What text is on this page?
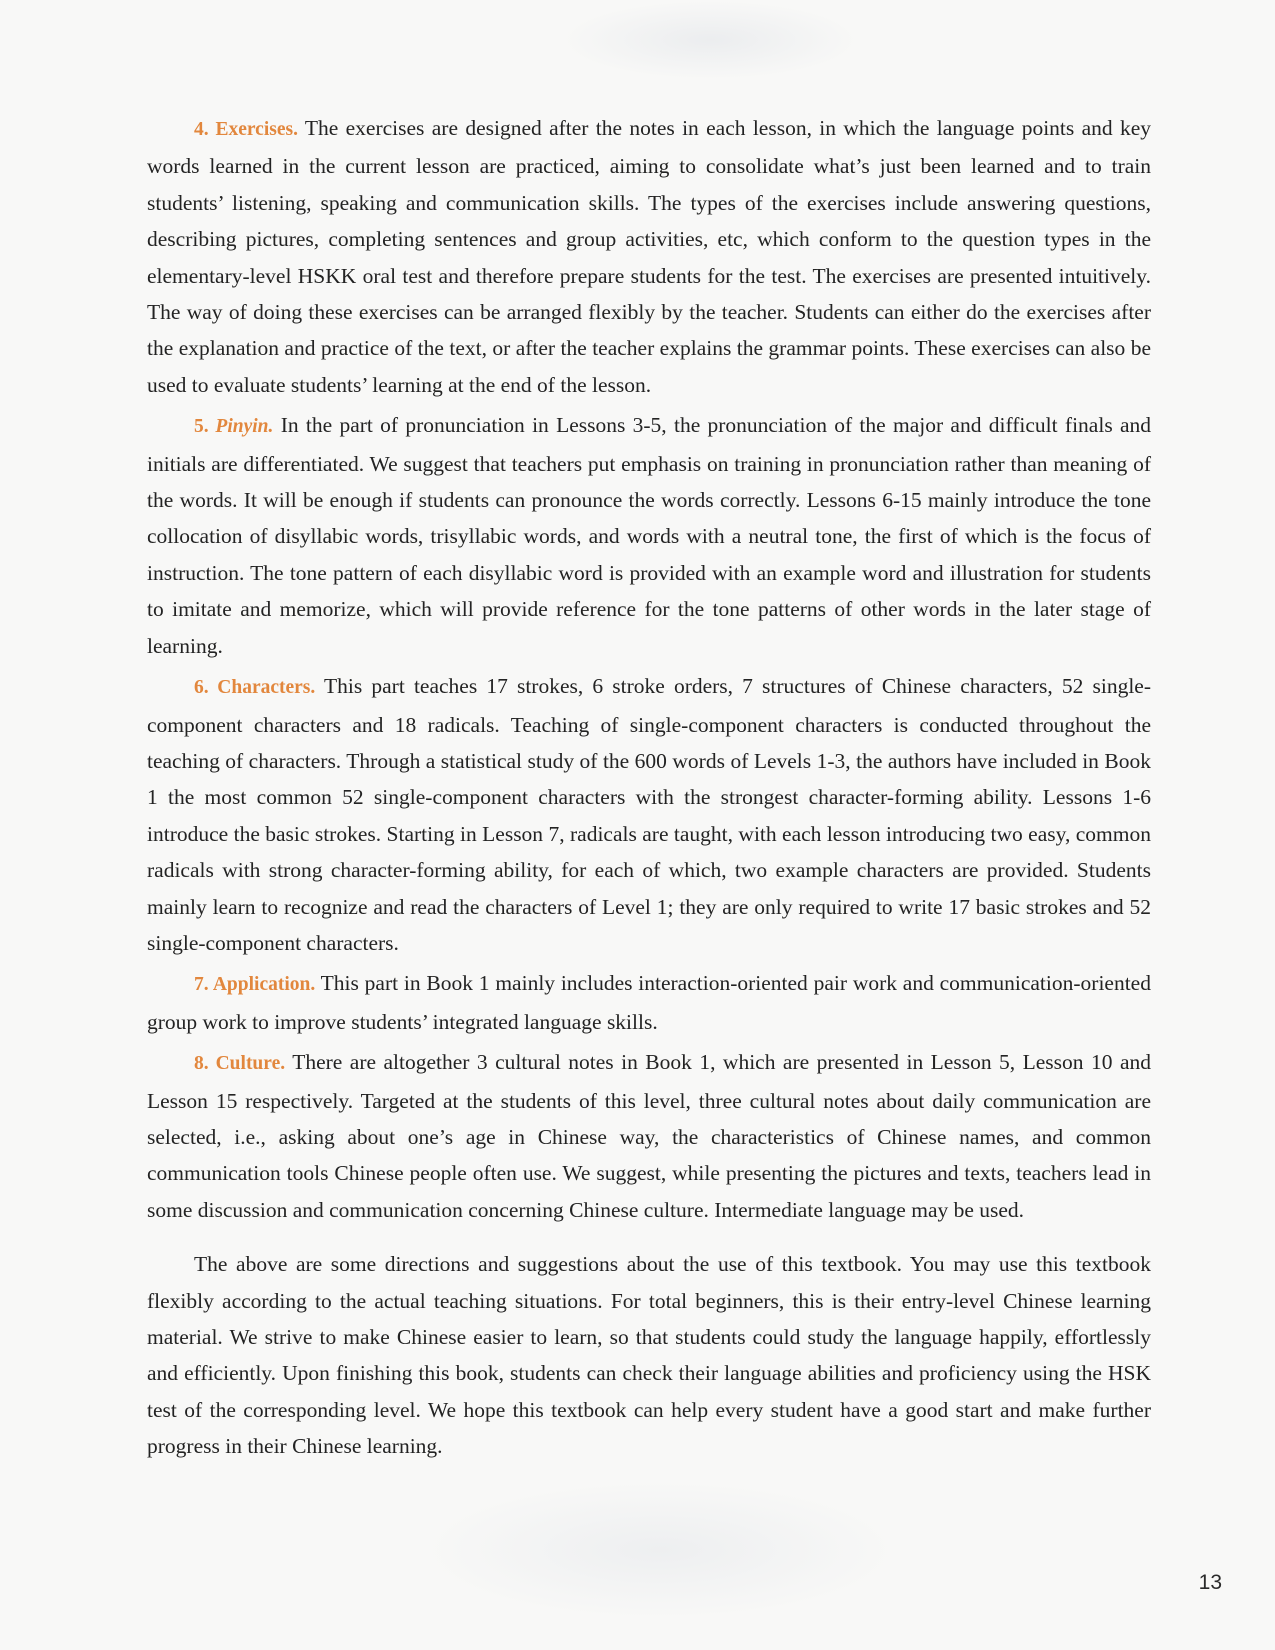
4. Exercises. The exercises are designed after the notes in each lesson, in which the language points and key words learned in the current lesson are practiced, aiming to consolidate what’s just been learned and to train students’ listening, speaking and communication skills. The types of the exercises include answering questions, describing pictures, completing sentences and group activities, etc, which conform to the question types in the elementary-level HSKK oral test and therefore prepare students for the test. The exercises are presented intuitively. The way of doing these exercises can be arranged flexibly by the teacher. Students can either do the exercises after the explanation and practice of the text, or after the teacher explains the grammar points. These exercises can also be used to evaluate students’ learning at the end of the lesson.

5. Pinyin. In the part of pronunciation in Lessons 3-5, the pronunciation of the major and difficult finals and initials are differentiated. We suggest that teachers put emphasis on training in pronunciation rather than meaning of the words. It will be enough if students can pronounce the words correctly. Lessons 6-15 mainly introduce the tone collocation of disyllabic words, trisyllabic words, and words with a neutral tone, the first of which is the focus of instruction. The tone pattern of each disyllabic word is provided with an example word and illustration for students to imitate and memorize, which will provide reference for the tone patterns of other words in the later stage of learning.

6. Characters. This part teaches 17 strokes, 6 stroke orders, 7 structures of Chinese characters, 52 single-component characters and 18 radicals. Teaching of single-component characters is conducted throughout the teaching of characters. Through a statistical study of the 600 words of Levels 1-3, the authors have included in Book 1 the most common 52 single-component characters with the strongest character-forming ability. Lessons 1-6 introduce the basic strokes. Starting in Lesson 7, radicals are taught, with each lesson introducing two easy, common radicals with strong character-forming ability, for each of which, two example characters are provided. Students mainly learn to recognize and read the characters of Level 1; they are only required to write 17 basic strokes and 52 single-component characters.

7. Application. This part in Book 1 mainly includes interaction-oriented pair work and communication-oriented group work to improve students’ integrated language skills.

8. Culture. There are altogether 3 cultural notes in Book 1, which are presented in Lesson 5, Lesson 10 and Lesson 15 respectively. Targeted at the students of this level, three cultural notes about daily communication are selected, i.e., asking about one’s age in Chinese way, the characteristics of Chinese names, and common communication tools Chinese people often use. We suggest, while presenting the pictures and texts, teachers lead in some discussion and communication concerning Chinese culture. Intermediate language may be used.

The above are some directions and suggestions about the use of this textbook. You may use this textbook flexibly according to the actual teaching situations. For total beginners, this is their entry-level Chinese learning material. We strive to make Chinese easier to learn, so that students could study the language happily, effortlessly and efficiently. Upon finishing this book, students can check their language abilities and proficiency using the HSK test of the corresponding level. We hope this textbook can help every student have a good start and make further progress in their Chinese learning.

13
